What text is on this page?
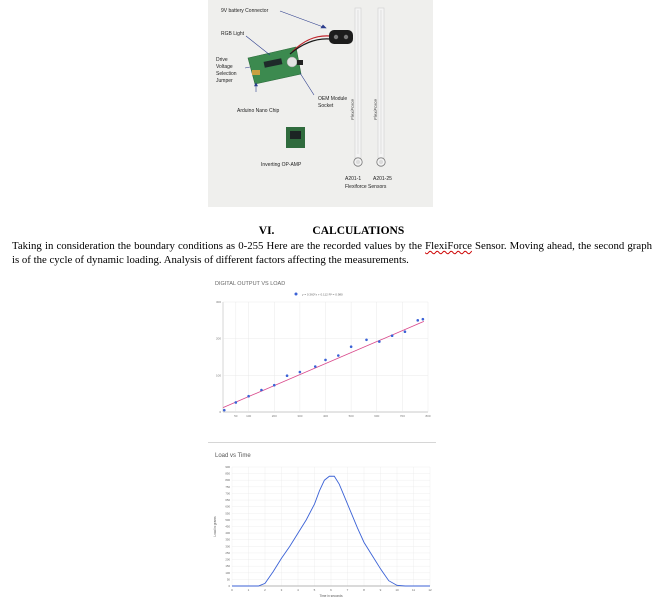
9V battery Connector
RGB Light
Drive
Voltage
Selection
Jumper
OEM Module
Socket
Arduino Nano Chip
Inverting OP-AMP
A201-1 A201-25
Flexiforce Sensors
FlexiForce	FlexiForce
VI.	CALCULATIONS
Taking in consideration the boundary conditions as 0-255 Here are the recorded values by the FlexiForce Sensor. Moving ahead, the second graph is of the cycle of dynamic loading. Analysis of different factors affecting the measurements.
DIGITAL OUTPUT VS LOAD
y = 0.360*x + 0.112 R² = 0.980
300
200
100
0
50	100	200	300	400	500	600	700	800
Load vs Time
900
850
800
750
700
650
600
550
500
450
400
350
300
250
200
150
100
50
0
0	1	2	3	4	5	6	7	8	9	10	11	12
Time in seconds
Load in grams
